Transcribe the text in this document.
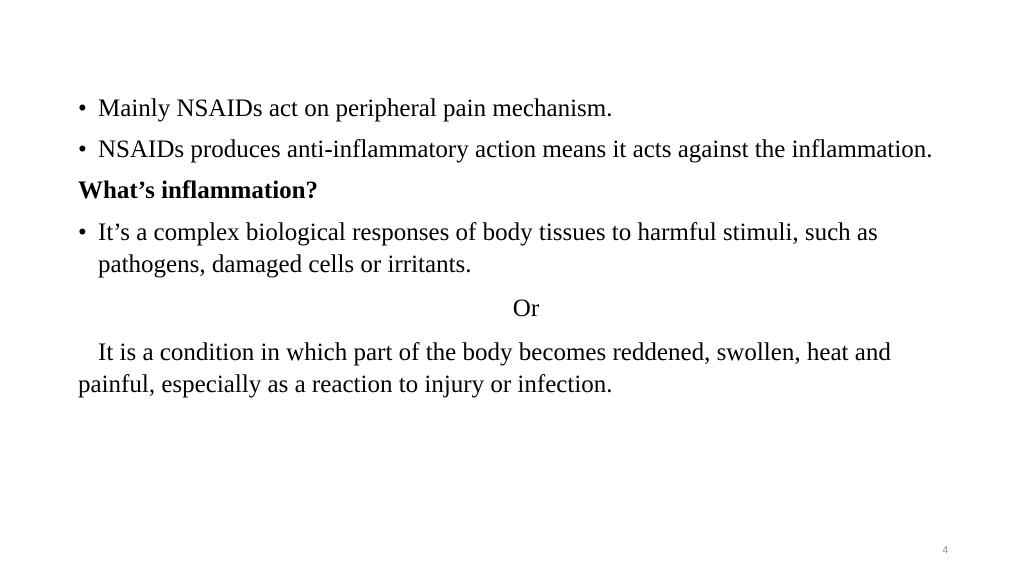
• Mainly NSAIDs act on peripheral pain mechanism.
• NSAIDs produces anti-inflammatory action means it acts against the inflammation.
What’s inflammation?
• It’s a complex biological responses of body tissues to harmful stimuli, such as pathogens, damaged cells or irritants.
Or
It is a condition in which part of the body becomes reddened, swollen, heat and painful, especially as a reaction to injury or infection.
4
